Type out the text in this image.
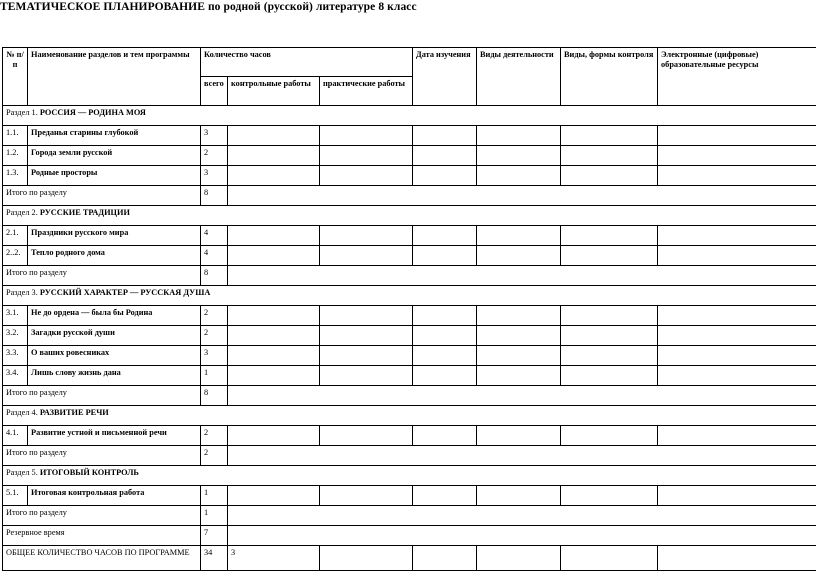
ТЕМАТИЧЕСКОЕ ПЛАНИРОВАНИЕ по родной (русской) литературе 8 класс
№ п/п	Наименование разделов и тем программы	Количество часов			Дата изучения	Виды деятельности	Виды, формы контроля	Электронные (цифровые) образовательные ресурсы
		всего	контрольные работы	практические работы				
Раздел 1. РОССИЯ — РОДИНА МОЯ								
1.1.	Преданья старины глубокой	3						
1.2.	Города земли русской	2						
1.3.	Родные просторы	3						
Итого по разделу		8						
Раздел 2. РУССКИЕ ТРАДИЦИИ								
2.1.	Праздники русского мира	4						
2..2.	Тепло родного дома	4						
Итого по разделу		8						
Раздел 3. РУССКИЙ ХАРАКТЕР — РУССКАЯ ДУША								
3.1.	Не до ордена — была бы Родина	2						
3.2.	Загадки русской души	2						
3.3.	О ваших ровесниках	3						
3.4.	Лишь слову жизнь дана	1						
Итого по разделу		8						
Раздел 4. РАЗВИТИЕ РЕЧИ								
4.1.	Развитие устной и письменной речи	2						
Итого по разделу		2						
Раздел 5. ИТОГОВЫЙ КОНТРОЛЬ								
5.1.	Итоговая контрольная работа	1						
Итого по разделу		1						
Резервное время		7						
ОБЩЕЕ КОЛИЧЕСТВО ЧАСОВ ПО ПРОГРАММЕ		34	3					
